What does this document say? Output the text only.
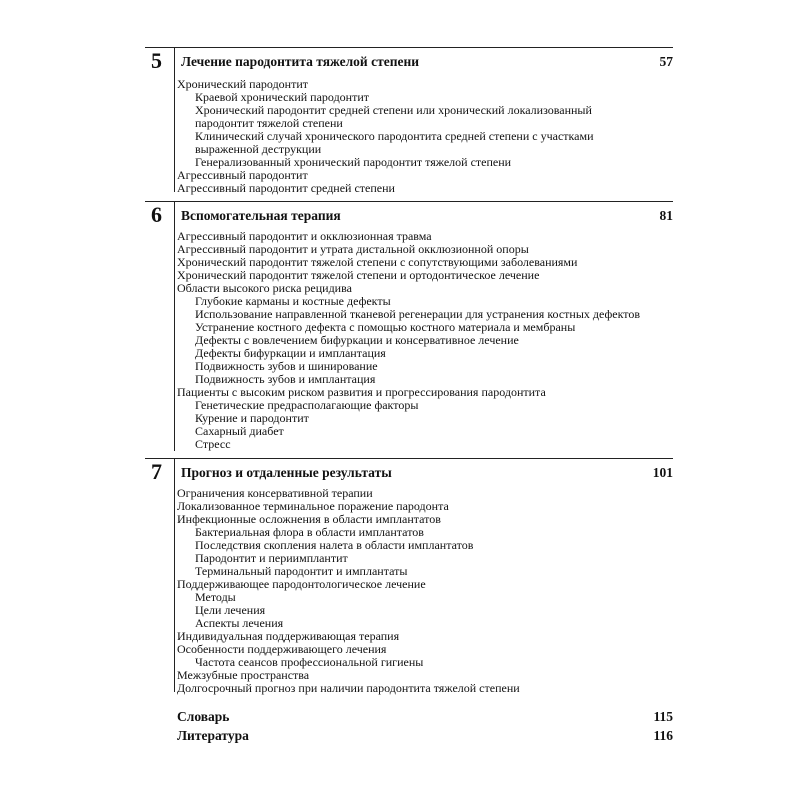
5 Лечение пародонтита тяжелой степени	57
Хронический пародонтит
Краевой хронический пародонтит
Хронический пародонтит средней степени или хронический локализованный пародонтит тяжелой степени
Клинический случай хронического пародонтита средней степени с участками выраженной деструкции
Генерализованный хронический пародонтит тяжелой степени
Агрессивный пародонтит
Агрессивный пародонтит средней степени
6 Вспомогательная терапия	81
Агрессивный пародонтит и окклюзионная травма
Агрессивный пародонтит и утрата дистальной окклюзионной опоры
Хронический пародонтит тяжелой степени с сопутствующими заболеваниями
Хронический пародонтит тяжелой степени и ортодонтическое лечение
Области высокого риска рецидива
Глубокие карманы и костные дефекты
Использование направленной тканевой регенерации для устранения костных дефектов
Устранение костного дефекта с помощью костного материала и мембраны
Дефекты с вовлечением бифуркации и консервативное лечение
Дефекты бифуркации и имплантация
Подвижность зубов и шинирование
Подвижность зубов и имплантация
Пациенты с высоким риском развития и прогрессирования пародонтита
Генетические предрасполагающие факторы
Курение и пародонтит
Сахарный диабет
Стресс
7 Прогноз и отдаленные результаты	101
Ограничения консервативной терапии
Локализованное терминальное поражение пародонта
Инфекционные осложнения в области имплантатов
Бактериальная флора в области имплантатов
Последствия скопления налета в области имплантатов
Пародонтит и периимплантит
Терминальный пародонтит и имплантаты
Поддерживающее пародонтологическое лечение
Методы
Цели лечения
Аспекты лечения
Индивидуальная поддерживающая терапия
Особенности поддерживающего лечения
Частота сеансов профессиональной гигиены
Межзубные пространства
Долгосрочный прогноз при наличии пародонтита тяжелой степени
Словарь	115
Литература	116
